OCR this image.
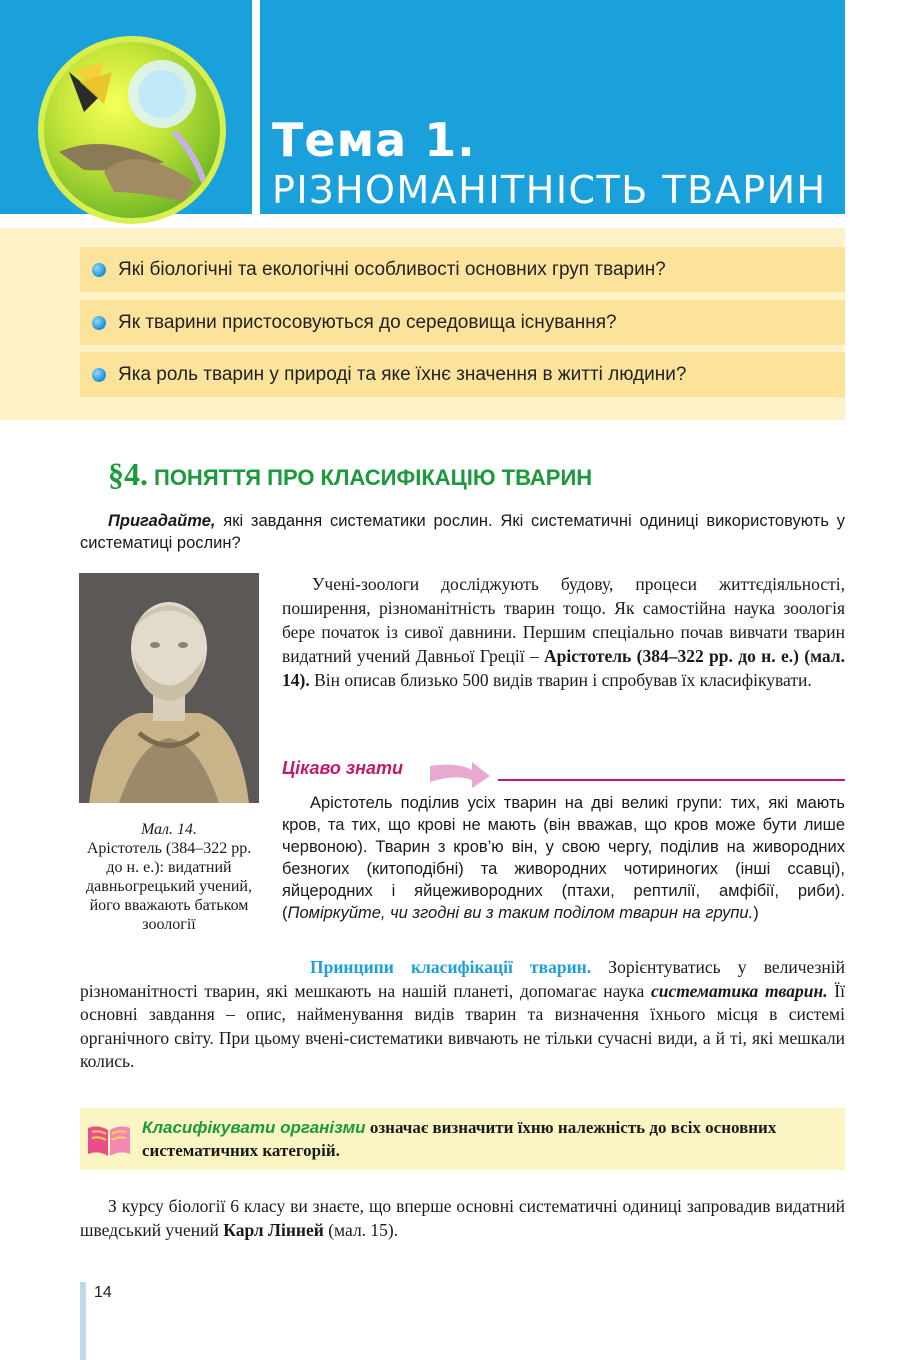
Тема 1.
РІЗНОМАНІТНІСТЬ ТВАРИН
Які біологічні та екологічні особливості основних груп тварин?
Як тварини пристосовуються до середовища існування?
Яка роль тварин у природі та яке їхнє значення в житті людини?
§4. ПОНЯТТЯ ПРО КЛАСИФІКАЦІЮ ТВАРИН
Пригадайте, які завдання систематики рослин. Які систематичні одиниці використовують у систематиці рослин?
Мал. 14.
Арістотель (384–322 рр. до н. е.): видатний давньогрецький учений, його вважають батьком зоології
Учені-зоологи досліджують будову, процеси життєдіяльності, поширення, різноманітність тварин тощо. Як самостійна наука зоологія бере початок із сивої давнини. Першим спеціально почав вивчати тварин видатний учений Давньої Греції – Арістотель (384–322 рр. до н. е.) (мал. 14). Він описав близько 500 видів тварин і спробував їх класифікувати.
Цікаво знати
Арістотель поділив усіх тварин на дві великі групи: тих, які мають кров, та тих, що крові не мають (він вважав, що кров може бути лише червоною). Тварин з кров’ю він, у свою чергу, поділив на живородних безногих (китоподібні) та живородних чотириногих (інші ссавці), яйцеродних і яйцеживородних (птахи, рептилії, амфібії, риби). (Поміркуйте, чи згодні ви з таким поділом тварин на групи.)
Принципи класифікації тварин. Зорієнтуватись у величезній різноманітності тварин, які мешкають на нашій планеті, допомагає наука систематика тварин. Її основні завдання – опис, найменування видів тварин та визначення їхнього місця в системі органічного світу. При цьому вчені-систематики вивчають не тільки сучасні види, а й ті, які мешкали колись.
Класифікувати організми означає визначити їхню належність до всіх основних систематичних категорій.
З курсу біології 6 класу ви знаєте, що вперше основні систематичні одиниці запровадив видатний шведський учений Карл Лінней (мал. 15).
14
